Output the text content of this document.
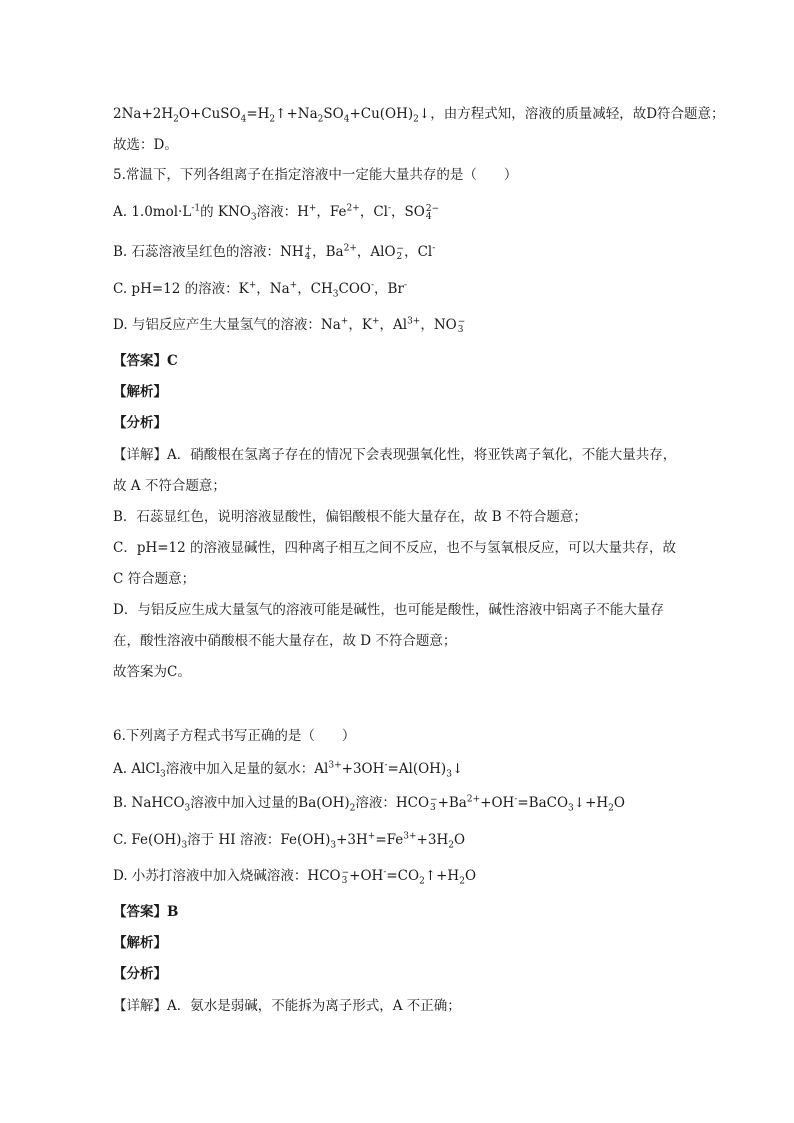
$2Na+2H_2O+CuSO_4=H_2↑+Na_2SO_4+Cu(OH)_2↓$，由方程式知，溶液的质量减轻，故D符合题意；
故选：D。
5.常温下，下列各组离子在指定溶液中一定能大量共存的是（　　）
A. $1.0mol\cdot L^{-1}$的 $KNO_3$溶液：H+，$Fe^{2+}$，Cl-，SO 2−
4
B. 石蕊溶液呈红色的溶液：NH +
4 ，$Ba^{2+}$，AlO −
2 ，Cl-
C. pH=12 的溶液：K+，Na+，$CH_3COO^-$，Br-
D. 与铝反应产生大量氢气的溶液：Na+，K+，$Al^{3+}$，NO −
3
【答案】C
【解析】
【分析】
【详解】A．硝酸根在氢离子存在的情况下会表现强氧化性，将亚铁离子氧化，不能大量共存，
故 A 不符合题意；
B．石蕊显红色，说明溶液显酸性，偏铝酸根不能大量存在，故 B 不符合题意；
C．pH=12 的溶液显碱性，四种离子相互之间不反应，也不与氢氧根反应，可以大量共存，故
C 符合题意；
D．与铝反应生成大量氢气的溶液可能是碱性，也可能是酸性，碱性溶液中铝离子不能大量存
在，酸性溶液中硝酸根不能大量存在，故 D 不符合题意；
故答案为C。
6.下列离子方程式书写正确的是（　　）
A. AlCl$_3$溶液中加入足量的氨水：$Al^{3+}+3OH^-=Al(OH)_3↓$
B. NaHCO$_3$溶液中加入过量的$Ba(OH)_2$溶液：HCO −
$3 +Ba^{2+}+OH^-=BaCO_3↓+H_2O$
C. $Fe(OH)_3$溶于 HI 溶液：$Fe(OH)_3+3H^+=Fe^{3+}+3H_2O$
D. 小苏打溶液中加入烧碱溶液：HCO −
$3 +OH^-=CO_2↑+H_2O$
【答案】B
【解析】
【分析】
【详解】A．氨水是弱碱，不能拆为离子形式，A 不正确；
